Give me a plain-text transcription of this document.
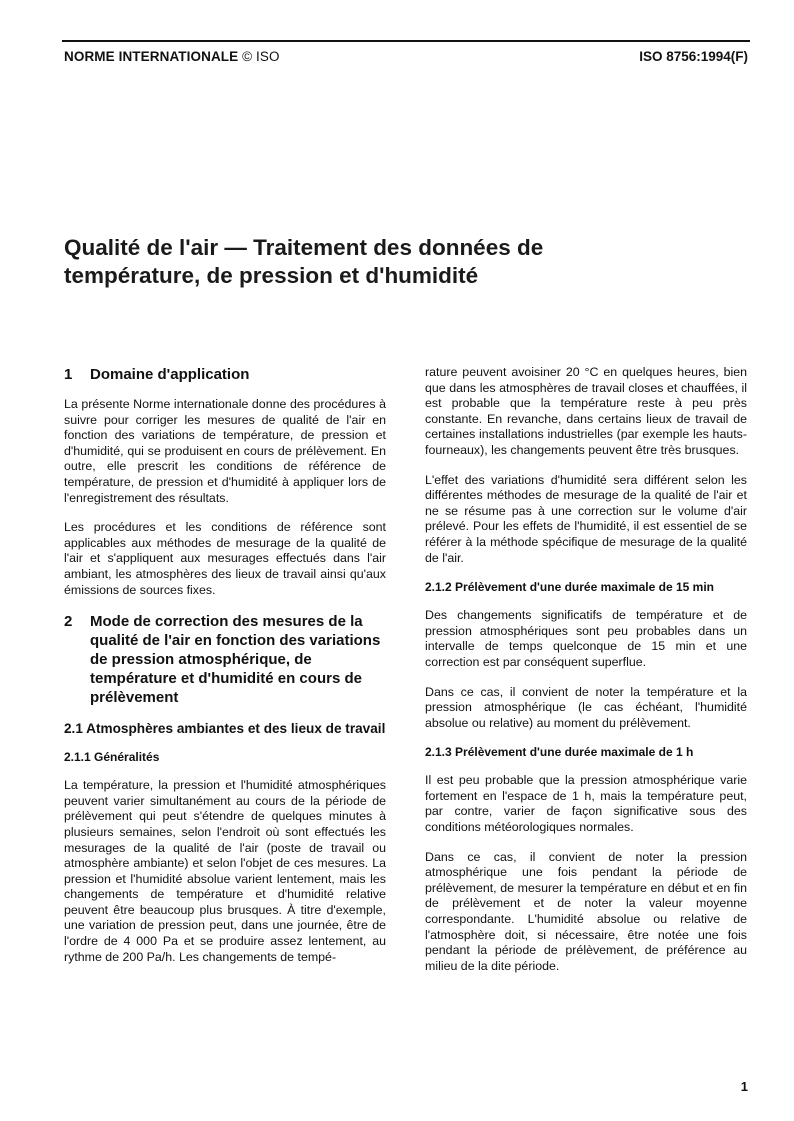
NORME INTERNATIONALE © ISO	ISO 8756:1994(F)
Qualité de l'air — Traitement des données de
température, de pression et d'humidité
1 Domaine d'application

La présente Norme internationale donne des procédures à suivre pour corriger les mesures de qualité de l'air en fonction des variations de température, de pression et d'humidité, qui se produisent en cours de prélèvement. En outre, elle prescrit les conditions de référence de température, de pression et d'humidité à appliquer lors de l'enregistrement des résultats.

Les procédures et les conditions de référence sont applicables aux méthodes de mesurage de la qualité de l'air et s'appliquent aux mesurages effectués dans l'air ambiant, les atmosphères des lieux de travail ainsi qu'aux émissions de sources fixes.

2	Mode de correction des mesures de la qualité de l'air en fonction des variations de pression atmosphérique, de température et d'humidité en cours de prélèvement
2.1 Atmosphères ambiantes et des lieux de travail
2.1.1 Généralités

La température, la pression et l'humidité atmosphériques peuvent varier simultanément au cours de la période de prélèvement qui peut s'étendre de quelques minutes à plusieurs semaines, selon l'endroit où sont effectués les mesurages de la qualité de l'air (poste de travail ou atmosphère ambiante) et selon l'objet de ces mesures. La pression et l'humidité absolue varient lentement, mais les changements de température et d'humidité relative peuvent être beaucoup plus brusques. À titre d'exemple, une variation de pression peut, dans une journée, être de l'ordre de 4 000 Pa et se produire assez lentement, au rythme de 200 Pa/h. Les changements de tempé-

rature peuvent avoisiner 20 °C en quelques heures, bien que dans les atmosphères de travail closes et chauffées, il est probable que la température reste à peu près constante. En revanche, dans certains lieux de travail de certaines installations industrielles (par exemple les hauts-fourneaux), les changements peuvent être très brusques.

L'effet des variations d'humidité sera différent selon les différentes méthodes de mesurage de la qualité de l'air et ne se résume pas à une correction sur le volume d'air prélevé. Pour les effets de l'humidité, il est essentiel de se référer à la méthode spécifique de mesurage de la qualité de l'air.

2.1.2 Prélèvement d'une durée maximale de 15 min

Des changements significatifs de température et de pression atmosphériques sont peu probables dans un intervalle de temps quelconque de 15 min et une correction est par conséquent superflue.

Dans ce cas, il convient de noter la température et la pression atmosphérique (le cas échéant, l'humidité absolue ou relative) au moment du prélèvement.

2.1.3 Prélèvement d'une durée maximale de 1 h

Il est peu probable que la pression atmosphérique varie fortement en l'espace de 1 h, mais la température peut, par contre, varier de façon significative sous des conditions météorologiques normales.

Dans ce cas, il convient de noter la pression atmosphérique une fois pendant la période de prélèvement, de mesurer la température en début et en fin de prélèvement et de noter la valeur moyenne correspondante. L'humidité absolue ou relative de l'atmosphère doit, si nécessaire, être notée une fois pendant la période de prélèvement, de préférence au milieu de la dite période.

1
